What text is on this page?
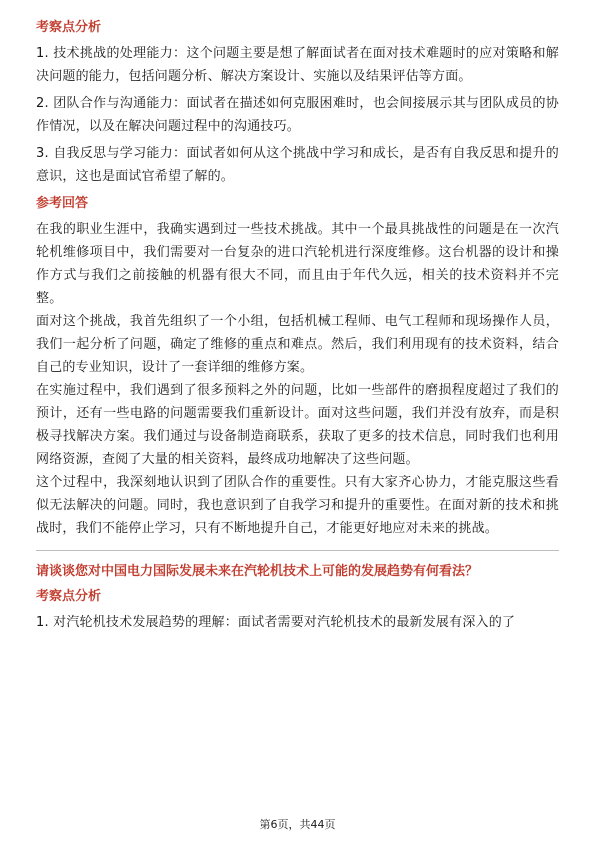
考察点分析

1. 技术挑战的处理能力：这个问题主要是想了解面试者在面对技术难题时的应对策略和解决问题的能力，包括问题分析、解决方案设计、实施以及结果评估等方面。

2. 团队合作与沟通能力：面试者在描述如何克服困难时，也会间接展示其与团队成员的协作情况，以及在解决问题过程中的沟通技巧。

3. 自我反思与学习能力：面试者如何从这个挑战中学习和成长，是否有自我反思和提升的意识，这也是面试官希望了解的。

参考回答

在我的职业生涯中，我确实遇到过一些技术挑战。其中一个最具挑战性的问题是在一次汽轮机维修项目中，我们需要对一台复杂的进口汽轮机进行深度维修。这台机器的设计和操作方式与我们之前接触的机器有很大不同，而且由于年代久远，相关的技术资料并不完整。

面对这个挑战，我首先组织了一个小组，包括机械工程师、电气工程师和现场操作人员，我们一起分析了问题，确定了维修的重点和难点。然后，我们利用现有的技术资料，结合自己的专业知识，设计了一套详细的维修方案。

在实施过程中，我们遇到了很多预料之外的问题，比如一些部件的磨损程度超过了我们的预计，还有一些电路的问题需要我们重新设计。面对这些问题，我们并没有放弃，而是积极寻找解决方案。我们通过与设备制造商联系，获取了更多的技术信息，同时我们也利用网络资源，查阅了大量的相关资料，最终成功地解决了这些问题。

这个过程中，我深刻地认识到了团队合作的重要性。只有大家齐心协力，才能克服这些看似无法解决的问题。同时，我也意识到了自我学习和提升的重要性。在面对新的技术和挑战时，我们不能停止学习，只有不断地提升自己，才能更好地应对未来的挑战。

请谈谈您对中国电力国际发展未来在汽轮机技术上可能的发展趋势有何看法？
考察点分析

1. 对汽轮机技术发展趋势的理解：面试者需要对汽轮机技术的最新发展有深入的了

第6页，共44页
